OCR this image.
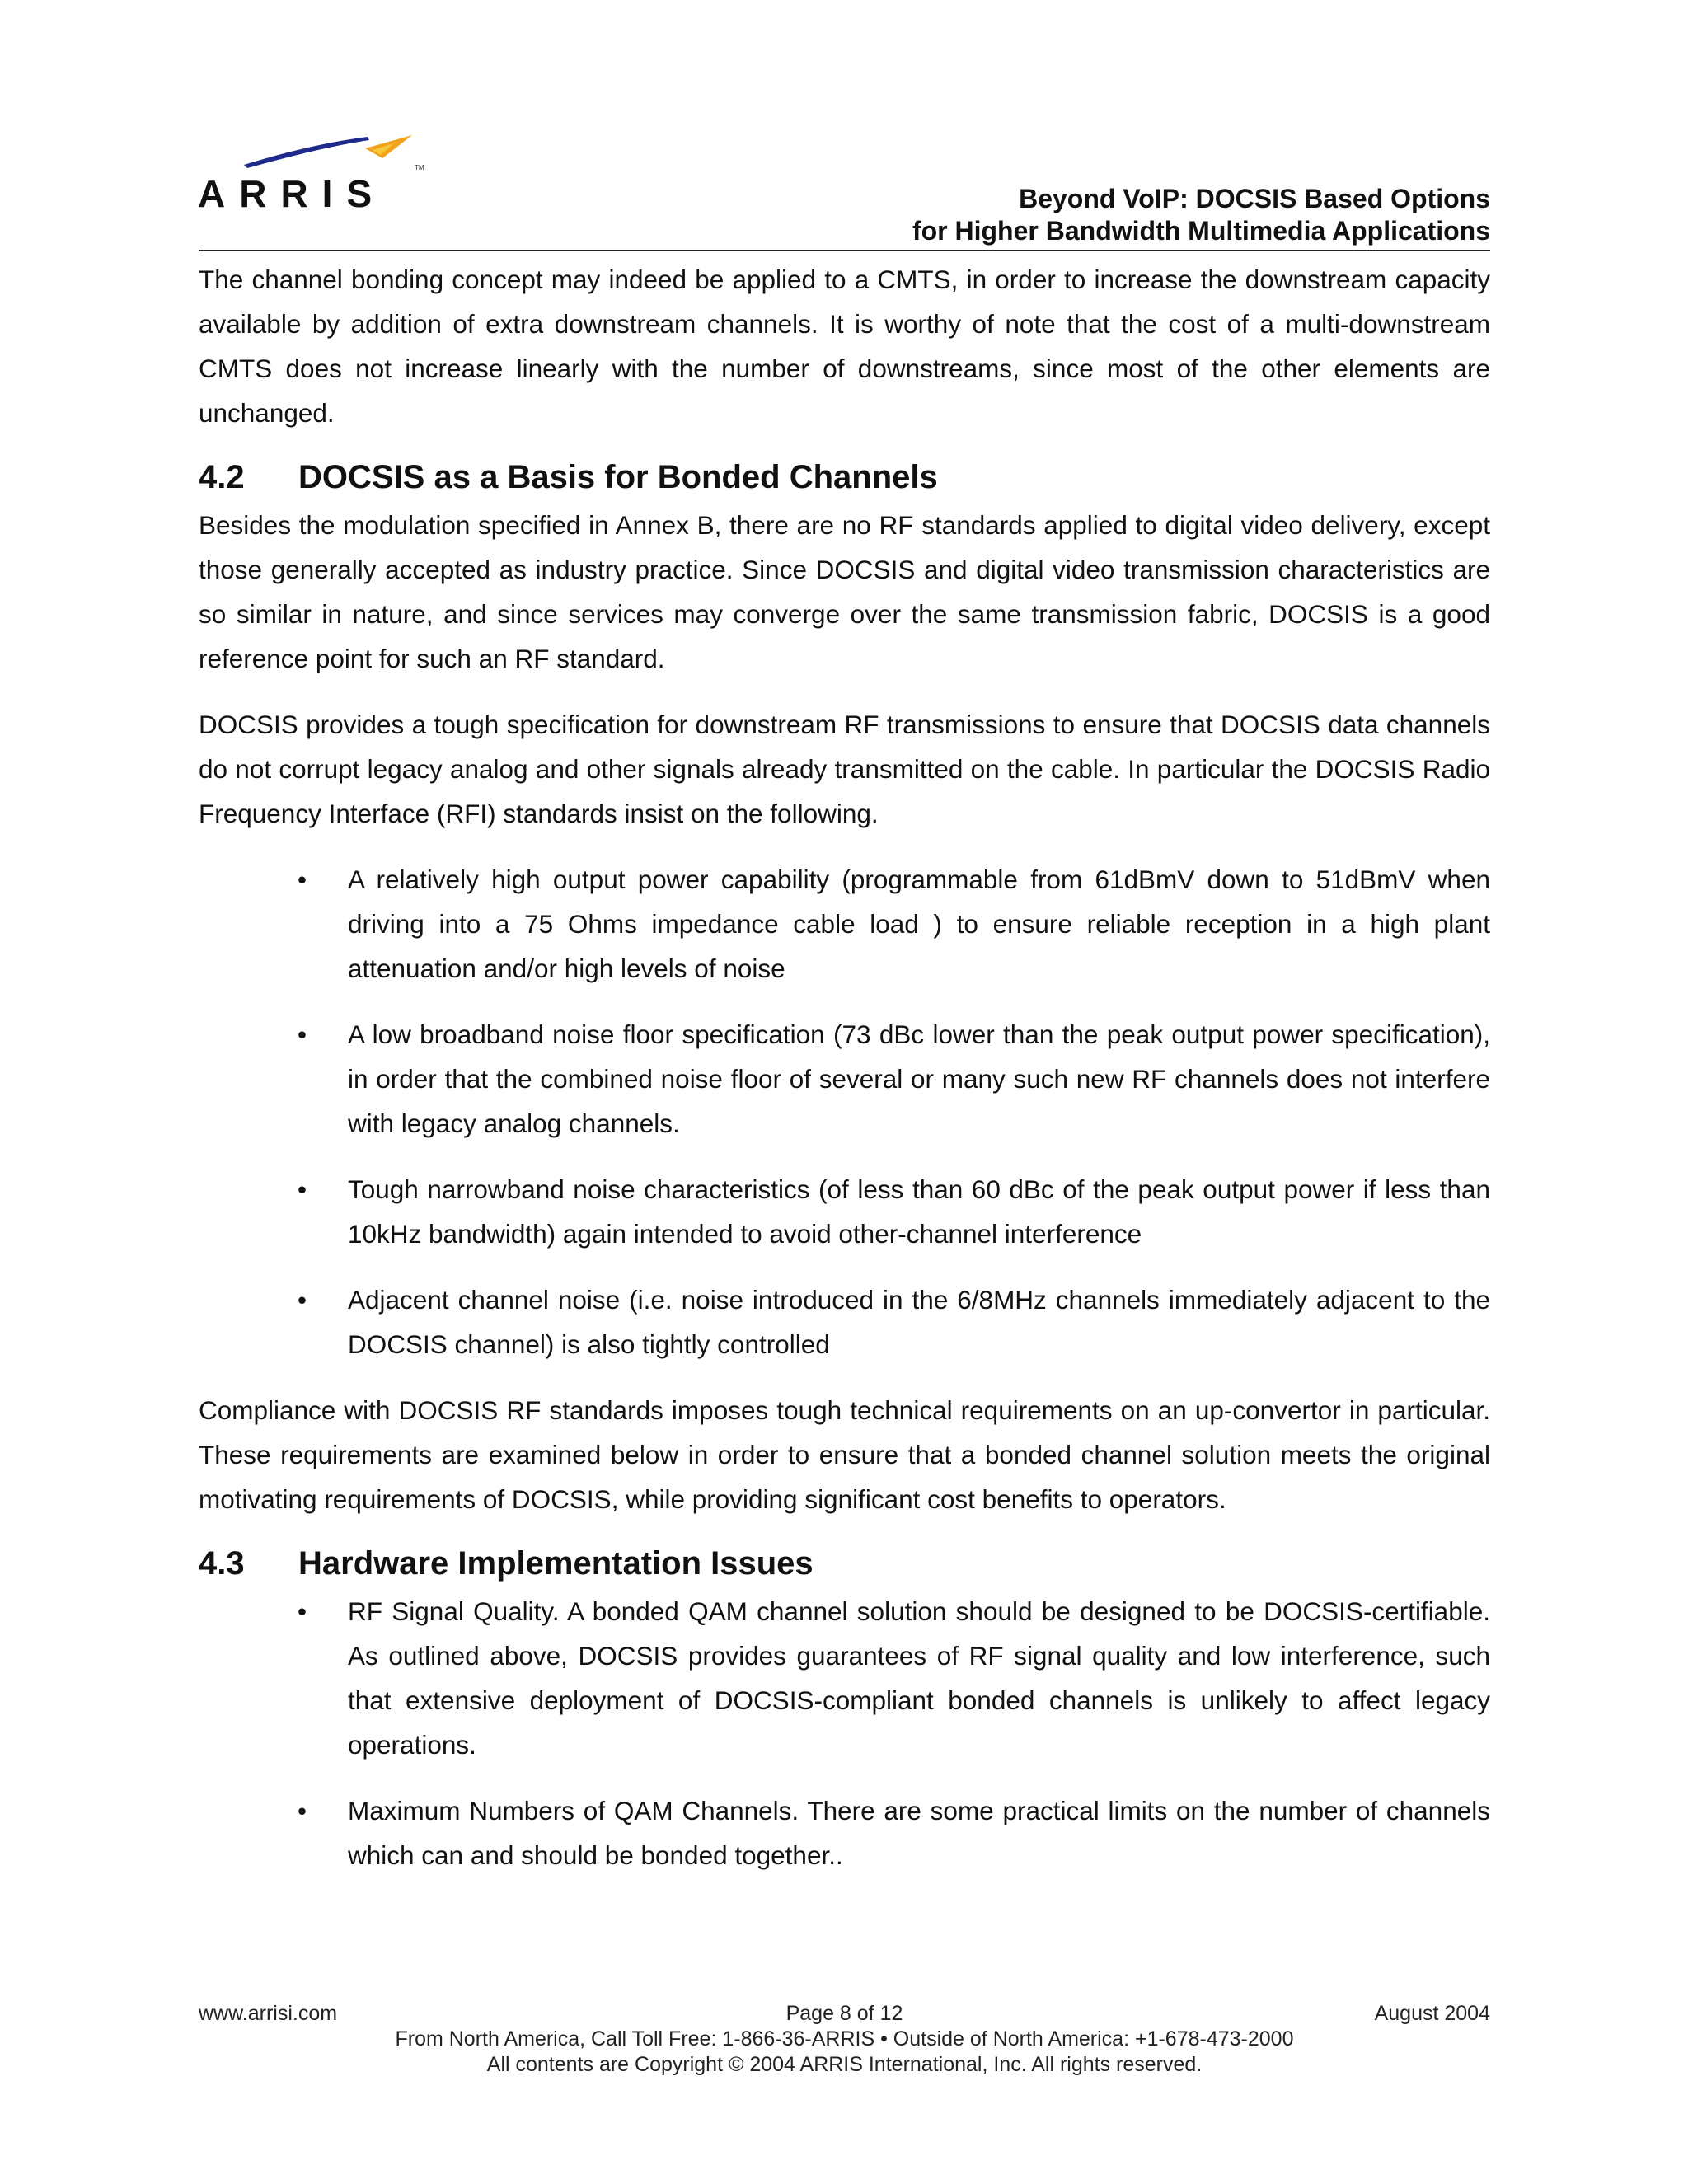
TM
ARRIS	Beyond VoIP: DOCSIS Based Options
for Higher Bandwidth Multimedia Applications

The channel bonding concept may indeed be applied to a CMTS, in order to increase the downstream capacity available by addition of extra downstream channels. It is worthy of note that the cost of a multi-downstream CMTS does not increase linearly with the number of downstreams, since most of the other elements are unchanged.

4.2	DOCSIS as a Basis for Bonded Channels

Besides the modulation specified in Annex B, there are no RF standards applied to digital video delivery, except those generally accepted as industry practice. Since DOCSIS and digital video transmission characteristics are so similar in nature, and since services may converge over the same transmission fabric, DOCSIS is a good reference point for such an RF standard.

DOCSIS provides a tough specification for downstream RF transmissions to ensure that DOCSIS data channels do not corrupt legacy analog and other signals already transmitted on the cable. In particular the DOCSIS Radio Frequency Interface (RFI) standards insist on the following.

•	A relatively high output power capability (programmable from 61dBmV down to 51dBmV when driving into a 75 Ohms impedance cable load ) to ensure reliable reception in a high plant attenuation and/or high levels of noise
•	A low broadband noise floor specification (73 dBc lower than the peak output power specification), in order that the combined noise floor of several or many such new RF channels does not interfere with legacy analog channels.
•	Tough narrowband noise characteristics (of less than 60 dBc of the peak output power if less than 10kHz bandwidth) again intended to avoid other-channel interference
•	Adjacent channel noise (i.e. noise introduced in the 6/8MHz channels immediately adjacent to the DOCSIS channel) is also tightly controlled

Compliance with DOCSIS RF standards imposes tough technical requirements on an up-convertor in particular. These requirements are examined below in order to ensure that a bonded channel solution meets the original motivating requirements of DOCSIS, while providing significant cost benefits to operators.

4.3	Hardware Implementation Issues
•	RF Signal Quality. A bonded QAM channel solution should be designed to be DOCSIS-certifiable. As outlined above, DOCSIS provides guarantees of RF signal quality and low interference, such that extensive deployment of DOCSIS-compliant bonded channels is unlikely to affect legacy operations.
•	Maximum Numbers of QAM Channels. There are some practical limits on the number of channels which can and should be bonded together..
www.arrisi.com	Page 8 of 12	August 2004
From North America, Call Toll Free: 1-866-36-ARRIS • Outside of North America: +1-678-473-2000
All contents are Copyright © 2004 ARRIS International, Inc. All rights reserved.
